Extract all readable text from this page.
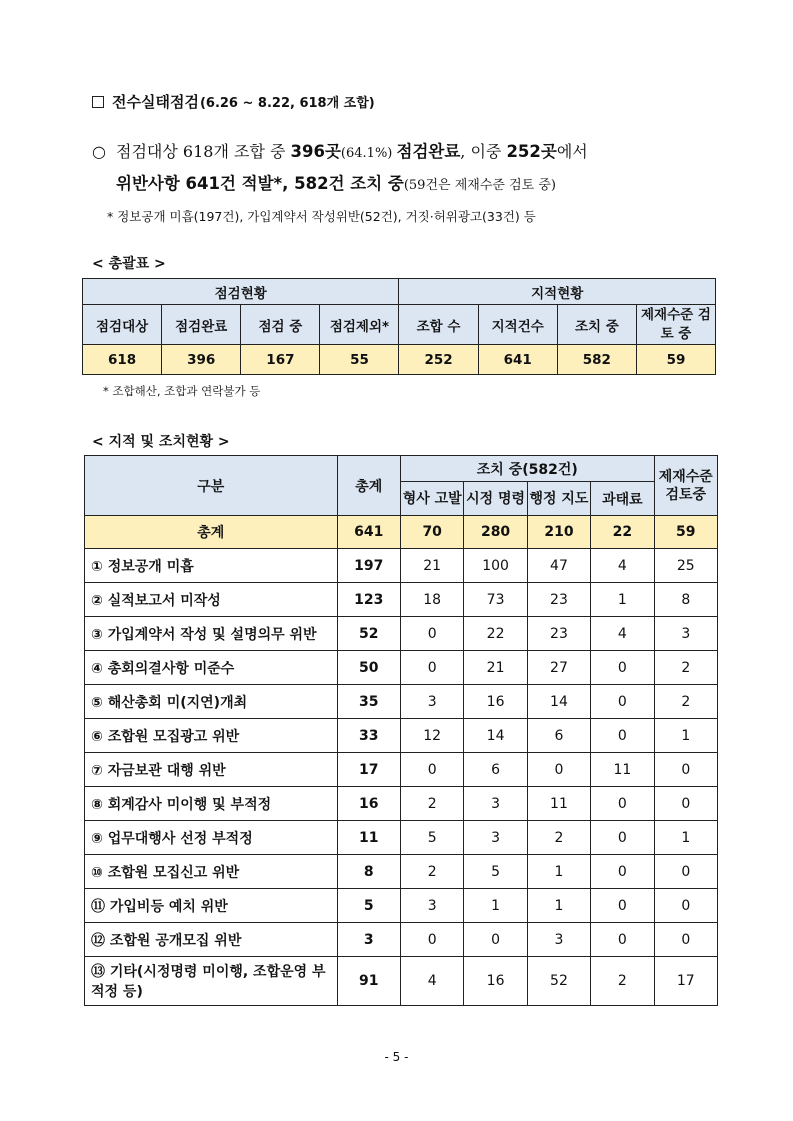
전수실태점검 (6.26 ~ 8.22, 618개 조합)
○ 점검대상 618개 조합 중 396곳(64.1%) 점검완료, 이중 252곳에서
위반사항 641건 적발*, 582건 조치 중(59건은 제재수준 검토 중)
* 정보공개 미흡(197건), 가입계약서 작성위반(52건), 거짓·허위광고(33건) 등
< 총괄표 >
점검현황				지적현황			
점검대상	점검완료	점검 중	점검제외*	조합 수	지적건수	조치 중	제재수준 검토 중
618	396	167	55	252	641	582	59
* 조합해산, 조합과 연락불가 등
< 지적 및 조치현황 >
구분	총계	조치 중(582건)				제재수준 검토중
		형사 고발	시정 명령	행정 지도	과태료	
총계	641	70	280	210	22	59
① 정보공개 미흡	197	21	100	47	4	25
② 실적보고서 미작성	123	18	73	23	1	8
③ 가입계약서 작성 및 설명의무 위반	52	0	22	23	4	3
④ 총회의결사항 미준수	50	0	21	27	0	2
⑤ 해산총회 미(지연)개최	35	3	16	14	0	2
⑥ 조합원 모집광고 위반	33	12	14	6	0	1
⑦ 자금보관 대행 위반	17	0	6	0	11	0
⑧ 회계감사 미이행 및 부적정	16	2	3	11	0	0
⑨ 업무대행사 선정 부적정	11	5	3	2	0	1
⑩ 조합원 모집신고 위반	8	2	5	1	0	0
⑪ 가입비등 예치 위반	5	3	1	1	0	0
⑫ 조합원 공개모집 위반	3	0	0	3	0	0
⑬ 기타(시정명령 미이행, 조합운영 부적정 등)	91	4	16	52	2	17
- 5 -
